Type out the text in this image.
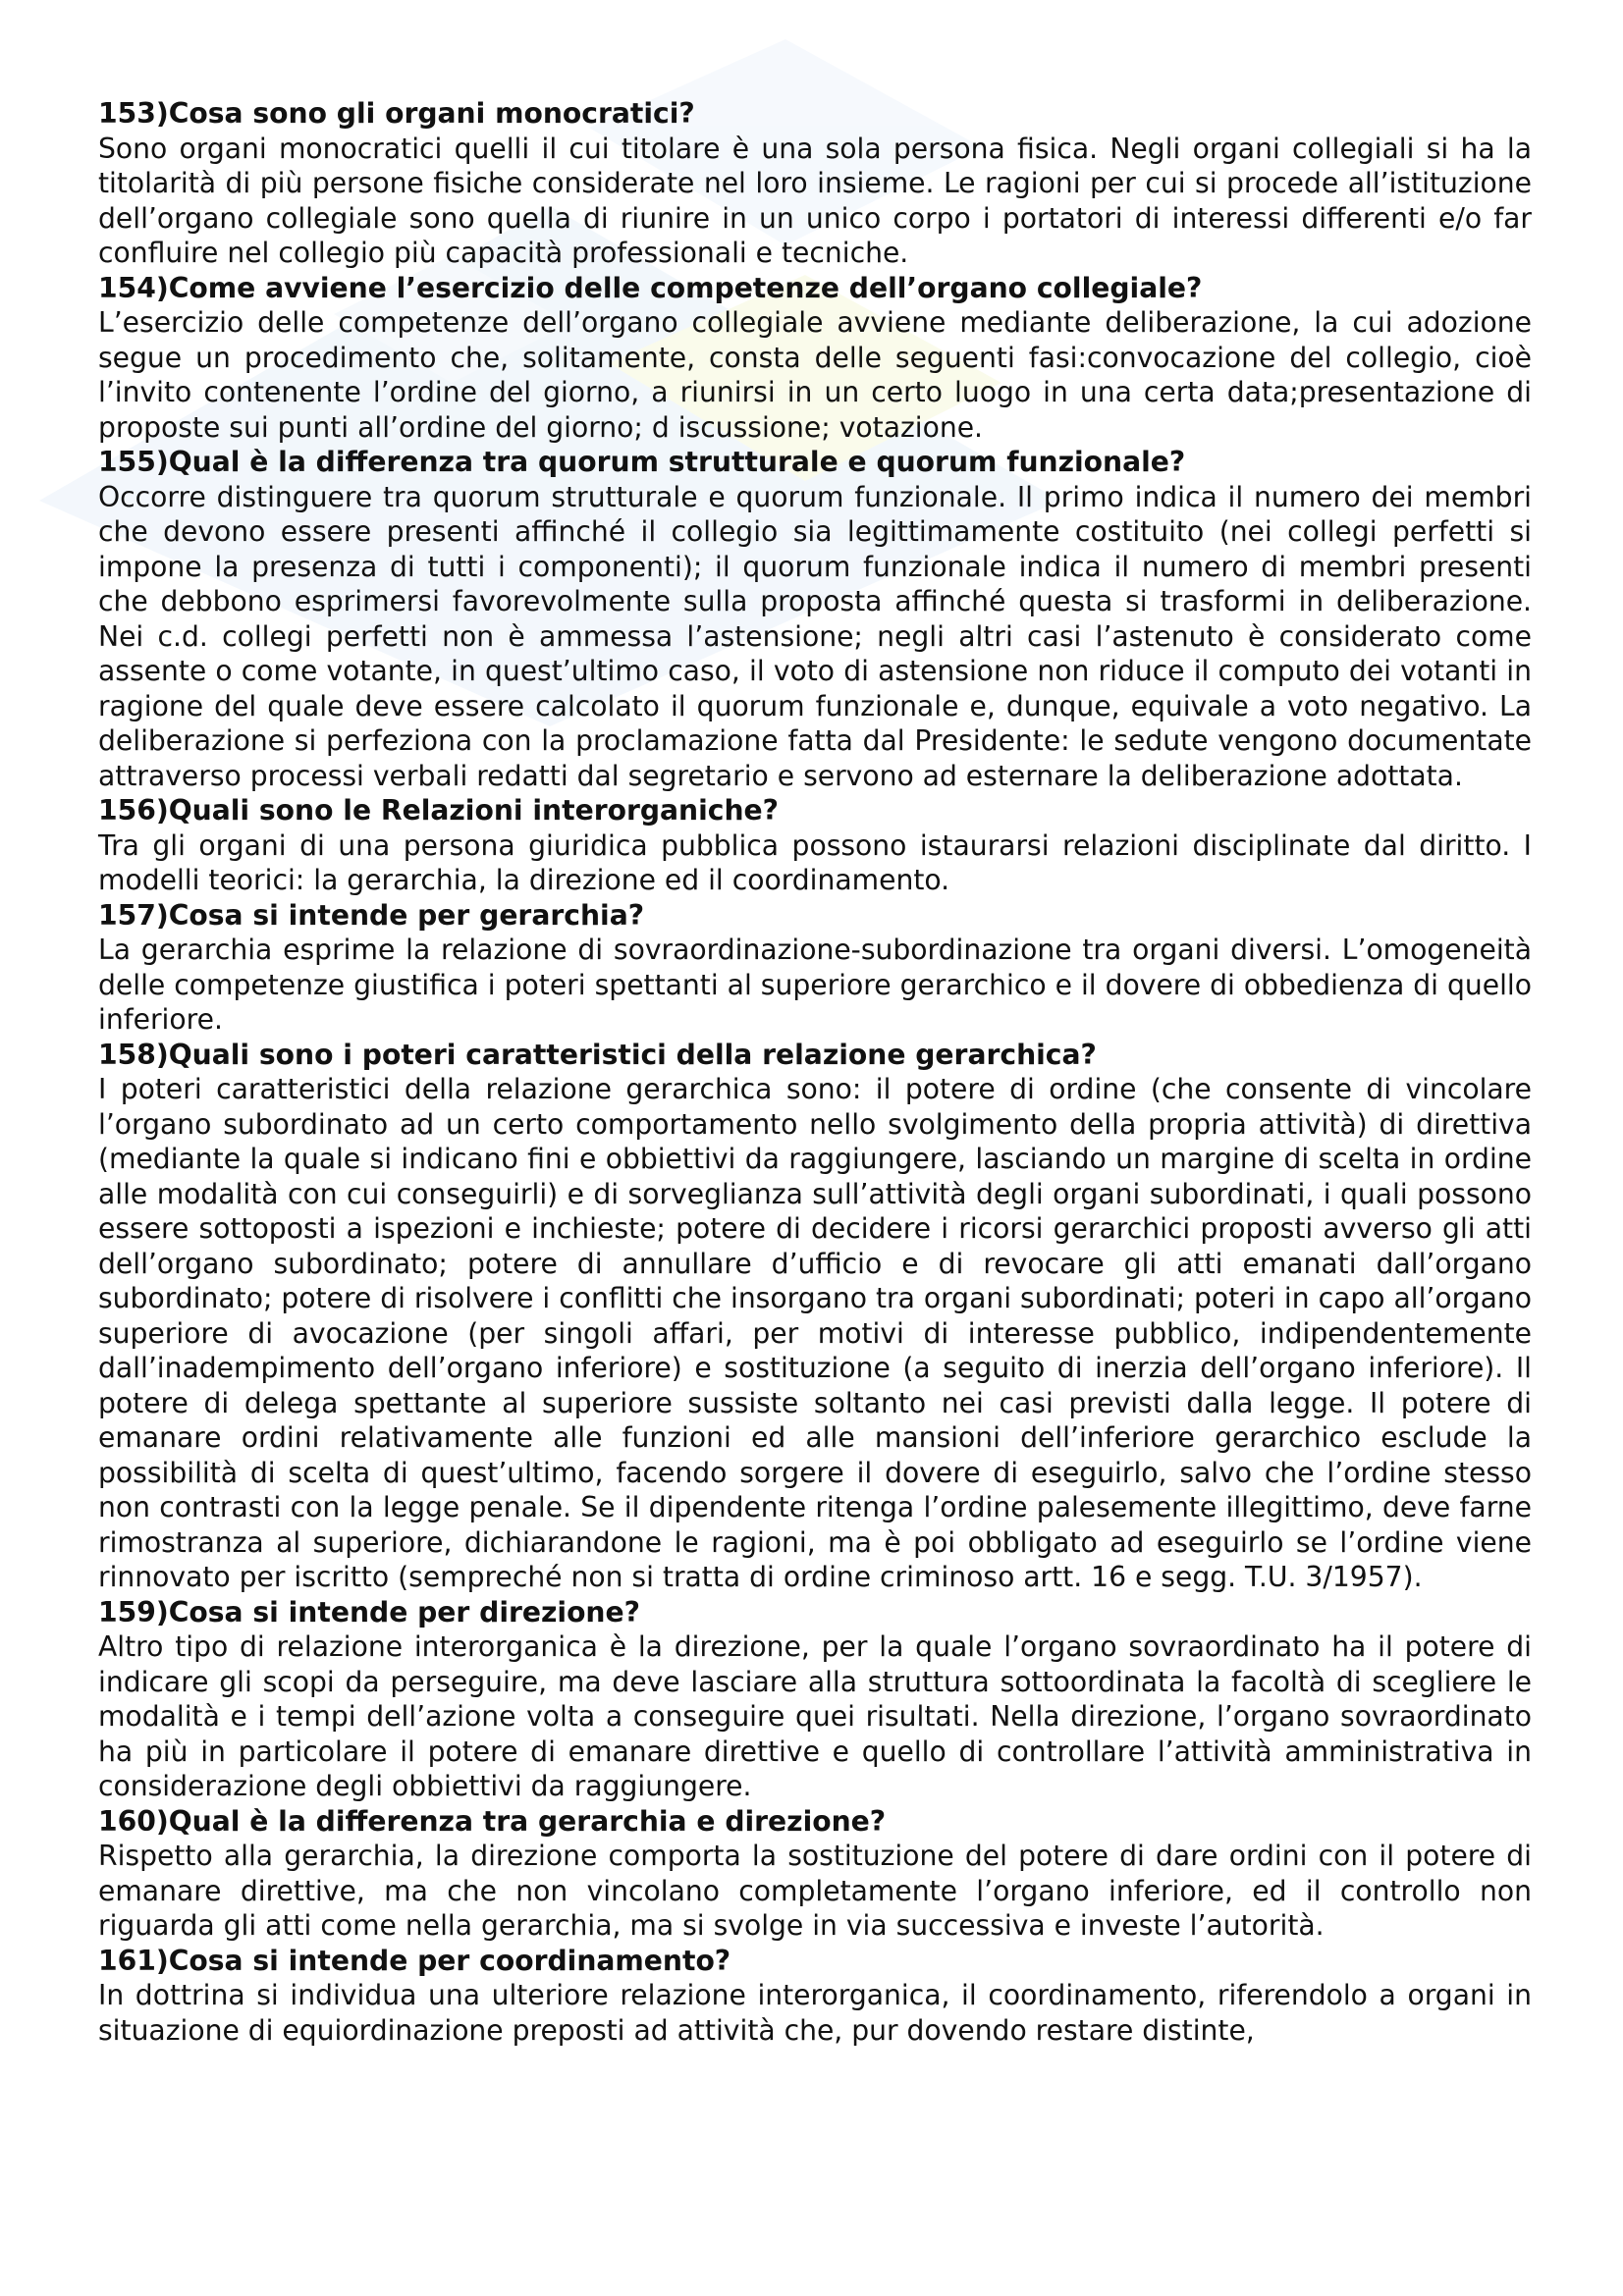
153)Cosa sono gli organi monocratici?

Sono organi monocratici quelli il cui titolare è una sola persona fisica. Negli organi collegiali si ha la titolarità di più persone fisiche considerate nel loro insieme. Le ragioni per cui si procede all’istituzione dell’organo collegiale sono quella di riunire in un unico corpo i portatori di interessi differenti e/o far confluire nel collegio più capacità professionali e tecniche.

154)Come avviene l’esercizio delle competenze dell’organo collegiale?

L’esercizio delle competenze dell’organo collegiale avviene mediante deliberazione, la cui adozione segue un procedimento che, solitamente, consta delle seguenti fasi:convocazione del collegio, cioè l’invito contenente l’ordine del giorno, a riunirsi in un certo luogo in una certa data;presentazione di proposte sui punti all’ordine del giorno; d iscussione; votazione.

155)Qual è la differenza tra quorum strutturale e quorum funzionale?

Occorre distinguere tra quorum strutturale e quorum funzionale. Il primo indica il numero dei membri che devono essere presenti affinché il collegio sia legittimamente costituito (nei collegi perfetti si impone la presenza di tutti i componenti); il quorum funzionale indica il numero di membri presenti che debbono esprimersi favorevolmente sulla proposta affinché questa si trasformi in deliberazione. Nei c.d. collegi perfetti non è ammessa l’astensione; negli altri casi l’astenuto è considerato come assente o come votante, in quest’ultimo caso, il voto di astensione non riduce il computo dei votanti in ragione del quale deve essere calcolato il quorum funzionale e, dunque, equivale a voto negativo. La deliberazione si perfeziona con la proclamazione fatta dal Presidente: le sedute vengono documentate attraverso processi verbali redatti dal segretario e servono ad esternare la deliberazione adottata.

156)Quali sono le Relazioni interorganiche?

Tra gli organi di una persona giuridica pubblica possono istaurarsi relazioni disciplinate dal diritto. I modelli teorici: la gerarchia, la direzione ed il coordinamento.

157)Cosa si intende per gerarchia?

La gerarchia esprime la relazione di sovraordinazione-subordinazione tra organi diversi. L’omogeneità delle competenze giustifica i poteri spettanti al superiore gerarchico e il dovere di obbedienza di quello inferiore.

158)Quali sono i poteri caratteristici della relazione gerarchica?

I poteri caratteristici della relazione gerarchica sono: il potere di ordine (che consente di vincolare l’organo subordinato ad un certo comportamento nello svolgimento della propria attività) di direttiva (mediante la quale si indicano fini e obbiettivi da raggiungere, lasciando un margine di scelta in ordine alle modalità con cui conseguirli) e di sorveglianza sull’attività degli organi subordinati, i quali possono essere sottoposti a ispezioni e inchieste; potere di decidere i ricorsi gerarchici proposti avverso gli atti dell’organo subordinato; potere di annullare d’ufficio e di revocare gli atti emanati dall’organo subordinato; potere di risolvere i conflitti che insorgano tra organi subordinati; poteri in capo all’organo superiore di avocazione (per singoli affari, per motivi di interesse pubblico, indipendentemente dall’inadempimento dell’organo inferiore) e sostituzione (a seguito di inerzia dell’organo inferiore). Il potere di delega spettante al superiore sussiste soltanto nei casi previsti dalla legge. Il potere di emanare ordini relativamente alle funzioni ed alle mansioni dell’inferiore gerarchico esclude la possibilità di scelta di quest’ultimo, facendo sorgere il dovere di eseguirlo, salvo che l’ordine stesso non contrasti con la legge penale. Se il dipendente ritenga l’ordine palesemente illegittimo, deve farne rimostranza al superiore, dichiarandone le ragioni, ma è poi obbligato ad eseguirlo se l’ordine viene rinnovato per iscritto (sempreché non si tratta di ordine criminoso artt. 16 e segg. T.U. 3/1957).

159)Cosa si intende per direzione?

Altro tipo di relazione interorganica è la direzione, per la quale l’organo sovraordinato ha il potere di indicare gli scopi da perseguire, ma deve lasciare alla struttura sottoordinata la facoltà di scegliere le modalità e i tempi dell’azione volta a conseguire quei risultati. Nella direzione, l’organo sovraordinato ha più in particolare il potere di emanare direttive e quello di controllare l’attività amministrativa in considerazione degli obbiettivi da raggiungere.

160)Qual è la differenza tra gerarchia e direzione?

Rispetto alla gerarchia, la direzione comporta la sostituzione del potere di dare ordini con il potere di emanare direttive, ma che non vincolano completamente l’organo inferiore, ed il controllo non riguarda gli atti come nella gerarchia, ma si svolge in via successiva e investe l’autorità.

161)Cosa si intende per coordinamento?

In dottrina si individua una ulteriore relazione interorganica, il coordinamento, riferendolo a organi in situazione di equiordinazione preposti ad attività che, pur dovendo restare distinte,
